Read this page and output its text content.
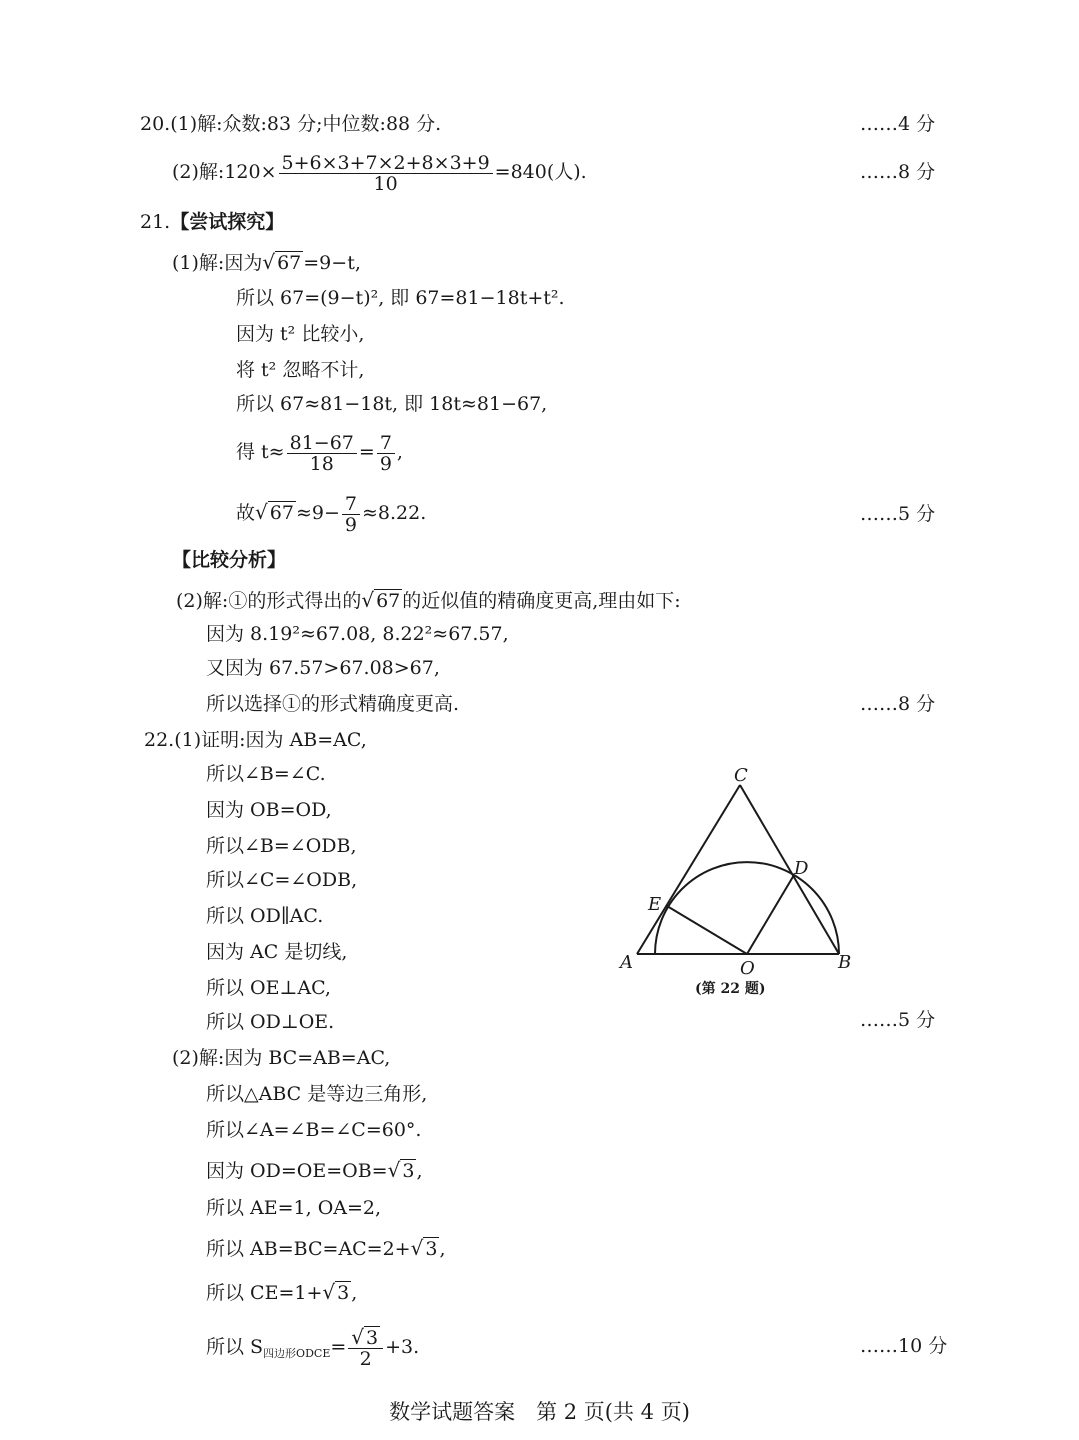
20.(1)解:众数:83 分;中位数:88 分.	……4 分
(2)解:120× $\frac{5+6\times 3+7\times 2+8\times 3+9}{10} =840$(人).	……8 分
21.【尝试探究】
(1)解:因为√ 67 =9−t,
所以 67=(9−t)², 即 67=81−18t+t².
因为 t² 比较小,
将 t² 忽略不计,
所以 67≈81−18t, 即 18t≈81−67,
得 $t\approx \frac{81-67}{18} = \frac{7}{9}$ ,
故√ $67 \approx 9- \frac{7}{9} \approx 8.22$.	……5 分
【比较分析】
(2)解:①的形式得出的√ 67 的近似值的精确度更高,理由如下:
因为 8.19²≈67.08, 8.22²≈67.57,
又因为 67.57>67.08>67,
所以选择①的形式精确度更高.	……8 分
22.(1)证明:因为 AB=AC,
所以∠B=∠C.
因为 OB=OD,
所以∠B=∠ODB,
所以∠C=∠ODB,
所以 OD∥AC.
因为 AC 是切线,
所以 OE⊥AC,
所以 OD⊥OE.	……5 分
C
D
E
A	O	B
(第 22 题)
(2)解:因为 BC=AB=AC,
所以△ABC 是等边三角形,
所以∠A=∠B=∠C=60°.
因为 OD=OE=OB=√ 3 ,
所以 AE=1, OA=2,
所以 AB=BC=AC=2+√ 3 ,
所以 CE=1+√ 3 ,
所以 $S_{四边形ODCE}= \frac{√ 3}{2} +3$.	……10 分
数学试题答案　第 2 页(共 4 页)
